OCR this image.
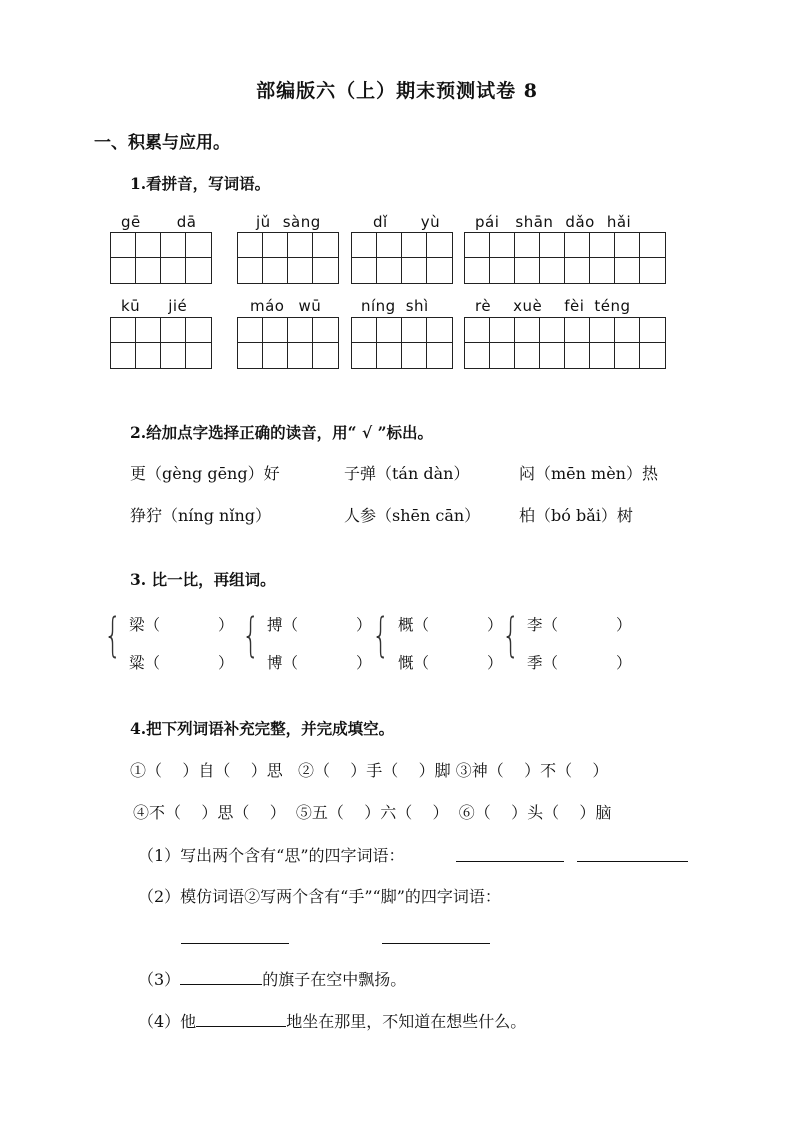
部编版六（上）期末预测试卷 8
一、积累与应用。
1.看拼音，写词语。
gē dā	jǔ sàng	dǐ yù pái shān dǎo hǎi
kū jié	máo wū	níng shì	rè xuè fèi téng
2.给加点字选择正确的读音，用“ √ ”标出。
更（gèng gēng）好	子弹（tán dàn）	闷（mēn mèn）热
狰狞（níng nǐng）	人参（shēn cān） 柏（bó bǎi）树
3. 比一比，再组词。
{ 梁（	）
粱（	）
{ 搏（	）
博（	）
{ 概（	）
慨（	）
{ 李（	）
季（	）
4.把下列词语补充完整，并完成填空。
①（    ）自（    ）思   ②（    ）手（    ）脚 ③神（    ）不（    ）
④不（    ）思（    ）  ⑤五（    ）六（    ）  ⑥（    ）头（    ）脑
（1）写出两个含有“思”的四字词语：
（2）模仿词语②写两个含有“手”“脚”的四字词语：
（3）	的旗子在空中飘扬。
（4）他	地坐在那里，不知道在想些什么。
